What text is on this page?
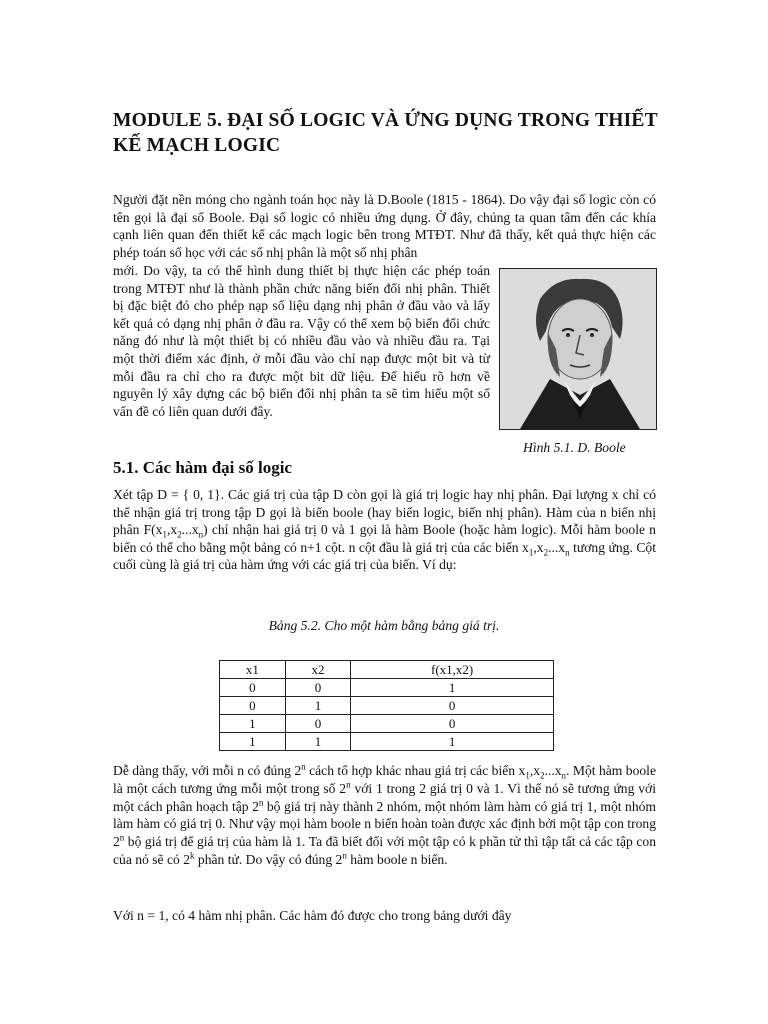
MODULE 5. ĐẠI SỐ LOGIC VÀ ỨNG DỤNG TRONG THIẾT KẾ MẠCH LOGIC

Người đặt nền móng cho ngành toán học này là D.Boole (1815 - 1864). Do vậy đại số logic còn có tên gọi là đại số Boole. Đại số logic có nhiều ứng dụng. Ở đây, chúng ta quan tâm đến các khía cạnh liên quan đến thiết kế các mạch logic bên trong MTĐT. Như đã thấy, kết quả thực hiện các phép toán số học với các số nhị phân là một số nhị phân

mới. Do vậy, ta có thể hình dung thiết bị thực hiện các phép toán trong MTĐT như là thành phần chức năng biến đổi nhị phân. Thiết bị đặc biệt đó cho phép nạp số liệu dạng nhị phân ở đầu vào và lấy kết quả có dạng nhị phân ở đầu ra. Vậy có thể xem bộ biến đổi chức năng đó như là một thiết bị có nhiều đầu vào và nhiều đầu ra. Tại một thời điểm xác định, ở mỗi đầu vào chỉ nạp được một bit và từ mỗi đầu ra chỉ cho ra được một bit dữ liệu. Để hiểu rõ hơn về nguyên lý xây dựng các bộ biến đổi nhị phân ta sẽ tìm hiểu một số vấn đề có liên quan dưới đây.

Hình 5.1. D. Boole
5.1. Các hàm đại số logic

Xét tập D = { 0, 1}. Các giá trị của tập D còn gọi là giá trị logic hay nhị phân. Đại lượng x chỉ có thể nhận giá trị trong tập D gọi là biến boole (hay biến logic, biến nhị phân). Hàm của n biến nhị phân $F(x_1,x_2...x_n)$ chỉ nhận hai giá trị 0 và 1 gọi là hàm Boole (hoặc hàm logic). Mỗi hàm boole n biến có thể cho bằng một bảng có n+1 cột. n cột đầu là giá trị của các biến $x_1,x_2...x_n$ tương ứng. Cột cuối cùng là giá trị của hàm ứng với các giá trị của biến. Ví dụ:

Bảng 5.2. Cho một hàm bằng bảng giá trị.
x1	x2	f(x1,x2)
0	0	1
0	1	0
1	0	0
1	1	1

Dễ dàng thấy, với mỗi n có đúng 2$^n$ cách tổ hợp khác nhau giá trị các biến $x_1,x_2...x_n$. Một hàm boole là một cách tương ứng mỗi một trong số 2$^n$ với 1 trong 2 giá trị 0 và 1. Vì thế nó sẽ tương ứng với một cách phân hoạch tập 2$^n$ bộ giá trị này thành 2 nhóm, một nhóm làm hàm có giá trị 1, một nhóm làm hàm có giá trị 0. Như vậy mọi hàm boole n biến hoàn toàn được xác định bởi một tập con trong 2$^n$ bộ giá trị để giá trị của hàm là 1. Ta đã biết đối với một tập có k phần tử thì tập tất cả các tập con của nó sẽ có 2$^k$ phần tử. Do vậy có đúng 2$^n$ hàm boole n biến.

Với n = 1, có 4 hàm nhị phân. Các hàm đó được cho trong bảng dưới đây
